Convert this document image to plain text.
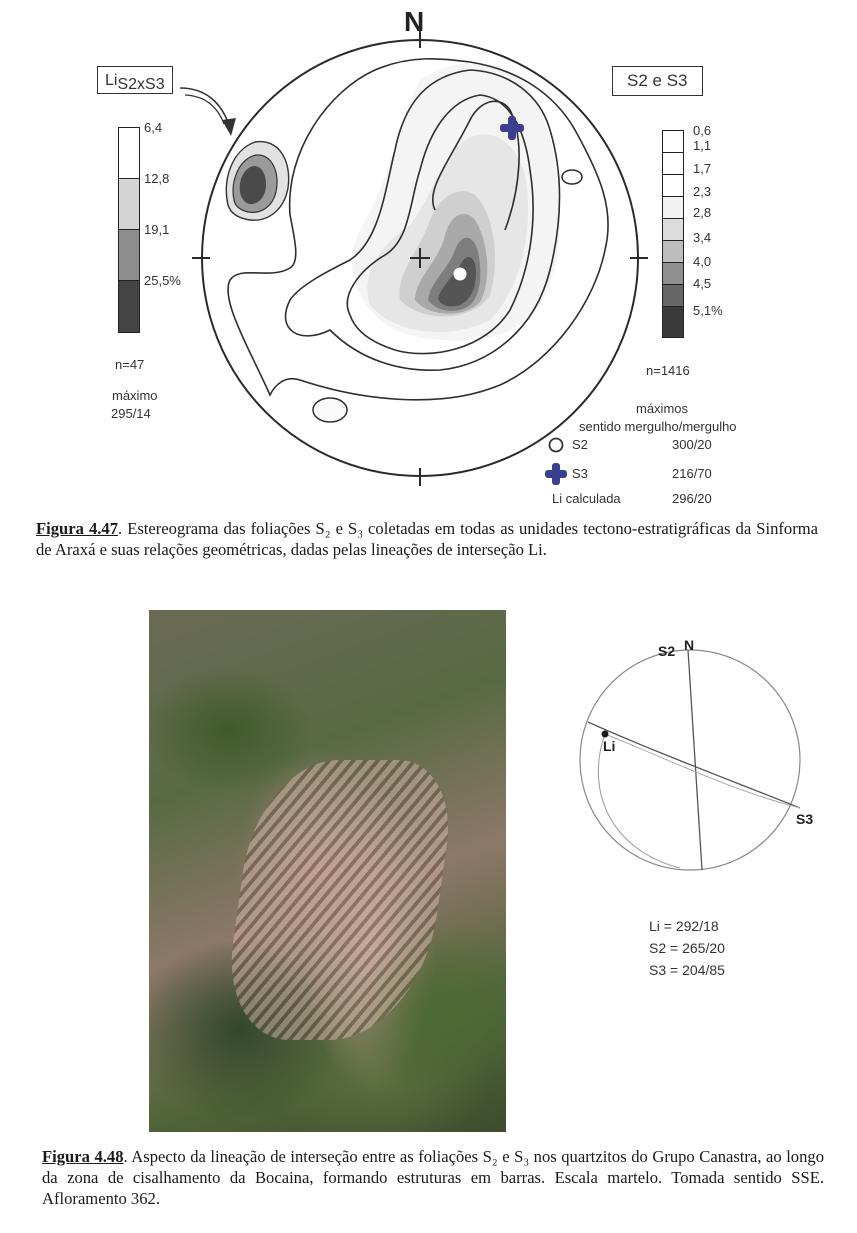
N
LiS2xS3	S2 e S3
6,4
12,8
19,1
25,5%
n=47
máximo
295/14
0,6
1,1
1,7
2,3
2,8
3,4
4,0
4,5
5,1%
n=1416
máximos
sentido mergulho/mergulho
S2	300/20
S3	216/70
Li calculada	296/20
Figura 4.47. Estereograma das foliações S₂ e S₃ coletadas em todas as unidades tectono-estratigráficas da Sinforma de Araxá e suas relações geométricas, dadas pelas lineações de interseção Li.
S2 N
Li
S3
Li = 292/18
S2 = 265/20
S3 = 204/85
Figura 4.48. Aspecto da lineação de interseção entre as foliações S₂ e S₃ nos quartzitos do Grupo Canastra, ao longo da zona de cisalhamento da Bocaina, formando estruturas em barras. Escala martelo. Tomada sentido SSE. Afloramento 362.
